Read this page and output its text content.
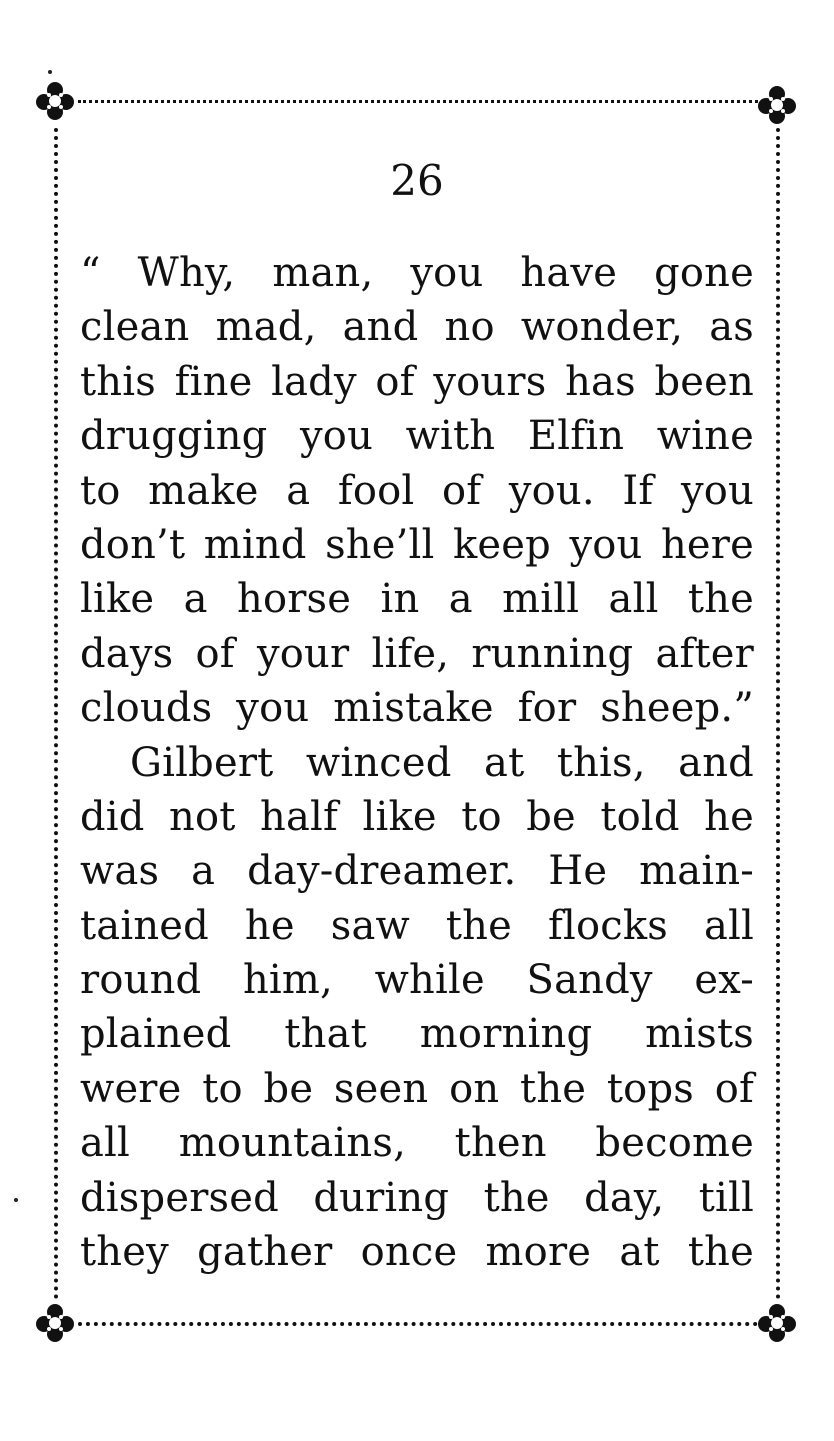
26
“ Why, man, you have gone
clean mad, and no wonder, as
this fine lady of yours has been
drugging you with Elfin wine
to make a fool of you. If you
don’t mind she’ll keep you here
like a horse in a mill all the
days of your life, running after
clouds you mistake for sheep.”
Gilbert winced at this, and
did not half like to be told he
was a day-dreamer. He main-
tained he saw the flocks all
round him, while Sandy ex-
plained that morning mists
were to be seen on the tops of
all mountains, then become
dispersed during the day, till
they gather once more at the
